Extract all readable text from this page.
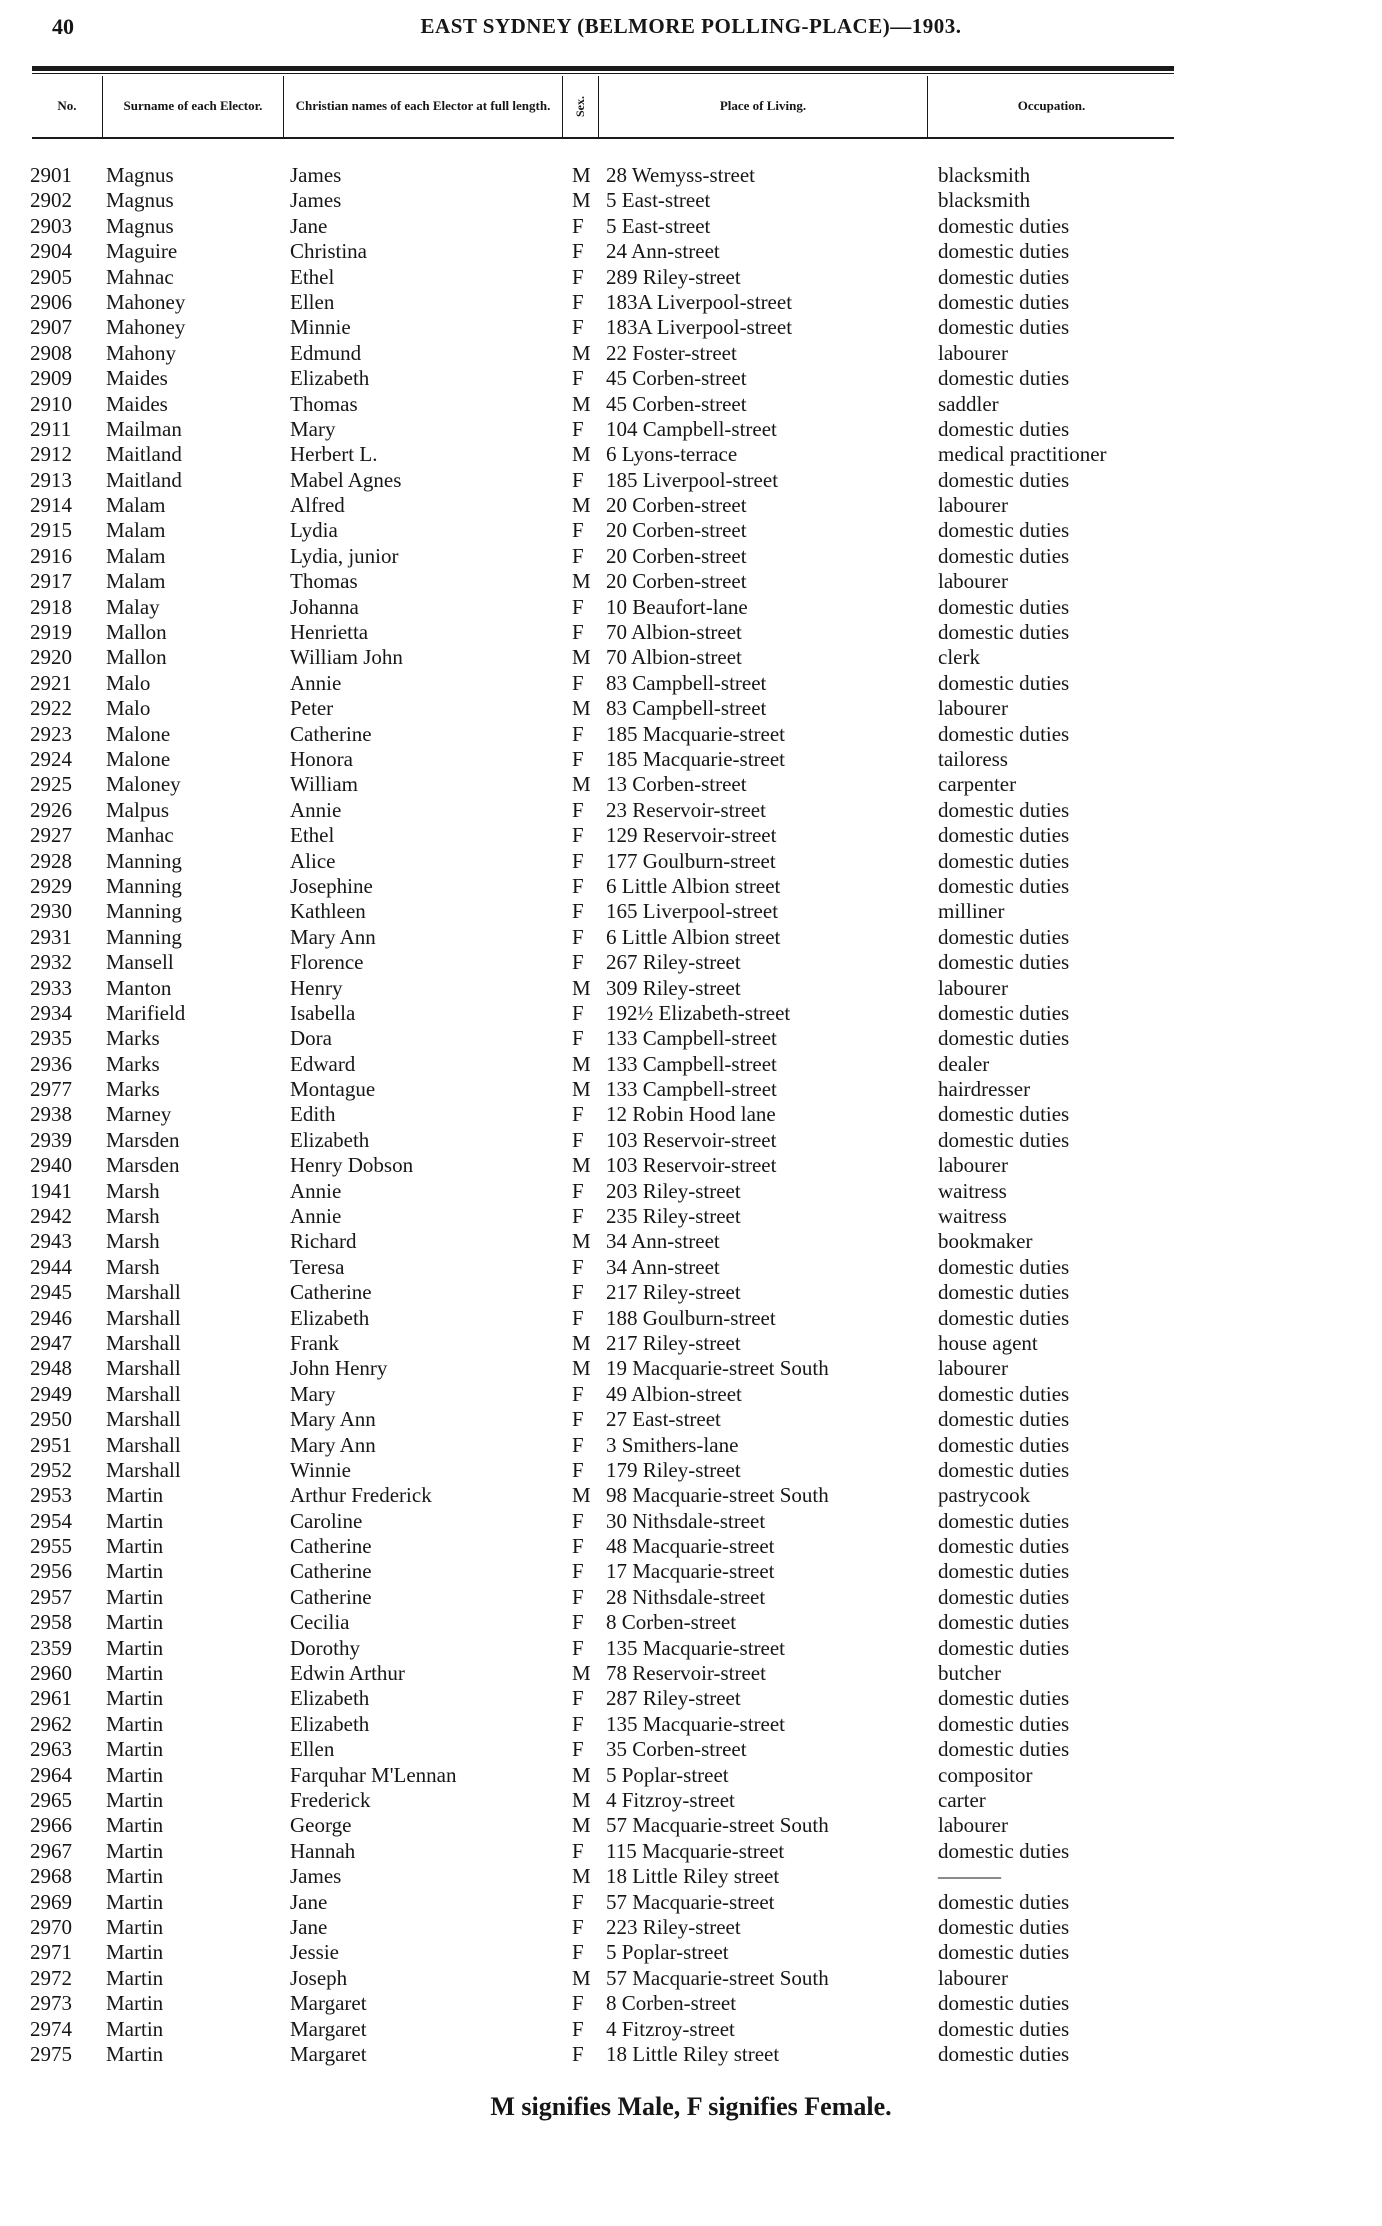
40	EAST SYDNEY (BELMORE POLLING-PLACE)—1903.
No.	Surname of each Elector.	Christian names of each Elector at full length.	Sex.	Place of Living.	Occupation.
2901 Magnus	James	M 28 Wemyss-street	blacksmith
2902 Magnus	James	M 5 East-street	blacksmith
2903 Magnus	Jane	F	5 East-street	domestic duties
2904 Maguire	Christina	F	24 Ann-street	domestic duties
2905 Mahnac	Ethel	F	289 Riley-street	domestic duties
2906 Mahoney	Ellen	F	183A Liverpool-street	domestic duties
2907 Mahoney	Minnie	F	183A Liverpool-street	domestic duties
2908 Mahony	Edmund	M 22 Foster-street	labourer
2909 Maides	Elizabeth	F	45 Corben-street	domestic duties
2910 Maides	Thomas	M 45 Corben-street	saddler
2911 Mailman	Mary	F	104 Campbell-street	domestic duties
2912 Maitland	Herbert L.	M 6 Lyons-terrace	medical practitioner
2913 Maitland	Mabel Agnes	F	185 Liverpool-street	domestic duties
2914 Malam	Alfred	M 20 Corben-street	labourer
2915 Malam	Lydia	F	20 Corben-street	domestic duties
2916 Malam	Lydia, junior	F	20 Corben-street	domestic duties
2917 Malam	Thomas	M 20 Corben-street	labourer
2918 Malay	Johanna	F	10 Beaufort-lane	domestic duties
2919 Mallon	Henrietta	F	70 Albion-street	domestic duties
2920 Mallon	William John	M 70 Albion-street	clerk
2921 Malo	Annie	F	83 Campbell-street	domestic duties
2922 Malo	Peter	M 83 Campbell-street	labourer
2923 Malone	Catherine	F	185 Macquarie-street	domestic duties
2924 Malone	Honora	F	185 Macquarie-street	tailoress
2925 Maloney	William	M 13 Corben-street	carpenter
2926 Malpus	Annie	F	23 Reservoir-street	domestic duties
2927 Manhac	Ethel	F	129 Reservoir-street	domestic duties
2928 Manning	Alice	F	177 Goulburn-street	domestic duties
2929 Manning	Josephine	F	6 Little Albion street	domestic duties
2930 Manning	Kathleen	F	165 Liverpool-street	milliner
2931 Manning	Mary Ann	F	6 Little Albion street	domestic duties
2932 Mansell	Florence	F	267 Riley-street	domestic duties
2933 Manton	Henry	M 309 Riley-street	labourer
2934 Marifield	Isabella	F	192½ Elizabeth-street	domestic duties
2935 Marks	Dora	F	133 Campbell-street	domestic duties
2936 Marks	Edward	M 133 Campbell-street	dealer
2977 Marks	Montague	M 133 Campbell-street	hairdresser
2938 Marney	Edith	F	12 Robin Hood lane	domestic duties
2939 Marsden	Elizabeth	F	103 Reservoir-street	domestic duties
2940 Marsden	Henry Dobson	M 103 Reservoir-street	labourer
1941 Marsh	Annie	F	203 Riley-street	waitress
2942 Marsh	Annie	F	235 Riley-street	waitress
2943 Marsh	Richard	M 34 Ann-street	bookmaker
2944 Marsh	Teresa	F	34 Ann-street	domestic duties
2945 Marshall	Catherine	F	217 Riley-street	domestic duties
2946 Marshall	Elizabeth	F	188 Goulburn-street	domestic duties
2947 Marshall	Frank	M 217 Riley-street	house agent
2948 Marshall	John Henry	M 19 Macquarie-street South	labourer
2949 Marshall	Mary	F	49 Albion-street	domestic duties
2950 Marshall	Mary Ann	F	27 East-street	domestic duties
2951 Marshall	Mary Ann	F	3 Smithers-lane	domestic duties
2952 Marshall	Winnie	F	179 Riley-street	domestic duties
2953 Martin	Arthur Frederick	M 98 Macquarie-street South	pastrycook
2954 Martin	Caroline	F	30 Nithsdale-street	domestic duties
2955 Martin	Catherine	F	48 Macquarie-street	domestic duties
2956 Martin	Catherine	F	17 Macquarie-street	domestic duties
2957 Martin	Catherine	F	28 Nithsdale-street	domestic duties
2958 Martin	Cecilia	F	8 Corben-street	domestic duties
2359 Martin	Dorothy	F	135 Macquarie-street	domestic duties
2960 Martin	Edwin Arthur	M 78 Reservoir-street	butcher
2961 Martin	Elizabeth	F	287 Riley-street	domestic duties
2962 Martin	Elizabeth	F	135 Macquarie-street	domestic duties
2963 Martin	Ellen	F	35 Corben-street	domestic duties
2964 Martin	Farquhar M'Lennan	M 5 Poplar-street	compositor
2965 Martin	Frederick	M 4 Fitzroy-street	carter
2966 Martin	George	M 57 Macquarie-street South	labourer
2967 Martin	Hannah	F	115 Macquarie-street	domestic duties
2968 Martin	James	M 18 Little Riley street	———
2969 Martin	Jane	F	57 Macquarie-street	domestic duties
2970 Martin	Jane	F	223 Riley-street	domestic duties
2971 Martin	Jessie	F	5 Poplar-street	domestic duties
2972 Martin	Joseph	M 57 Macquarie-street South	labourer
2973 Martin	Margaret	F	8 Corben-street	domestic duties
2974 Martin	Margaret	F	4 Fitzroy-street	domestic duties
2975 Martin	Margaret	F	18 Little Riley street	domestic duties
M signifies Male, F signifies Female.
